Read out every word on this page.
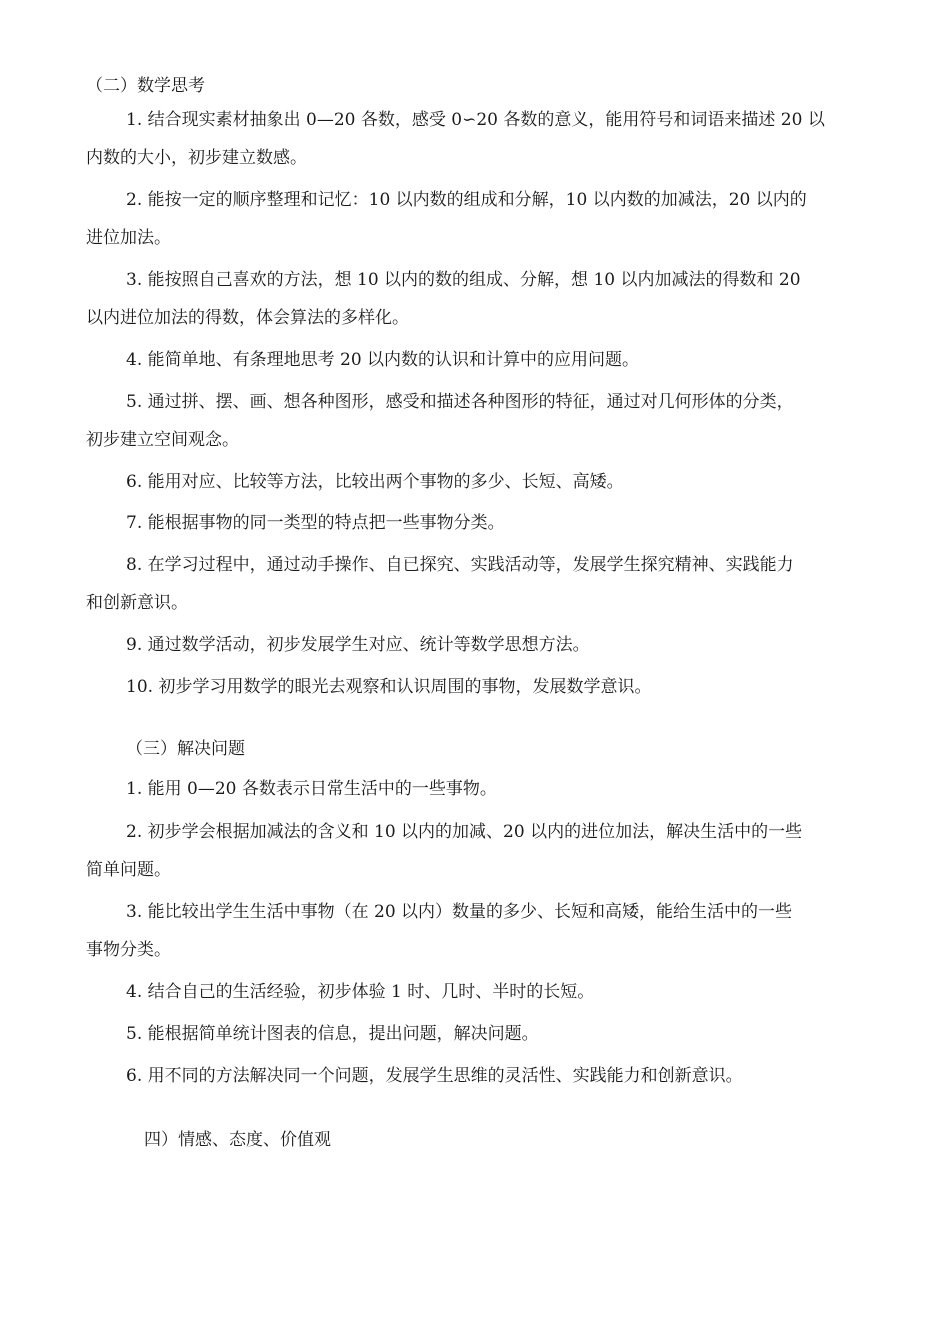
（二）数学思考
1. 结合现实素材抽象出 0—20 各数，感受 0∽20 各数的意义，能用符号和词语来描述 20 以
内数的大小，初步建立数感。
2. 能按一定的顺序整理和记忆：10 以内数的组成和分解，10 以内数的加减法，20 以内的
进位加法。
3. 能按照自己喜欢的方法，想 10 以内的数的组成、分解，想 10 以内加减法的得数和 20
以内进位加法的得数，体会算法的多样化。
4. 能简单地、有条理地思考 20 以内数的认识和计算中的应用问题。
5. 通过拼、摆、画、想各种图形，感受和描述各种图形的特征，通过对几何形体的分类，
初步建立空间观念。
6. 能用对应、比较等方法，比较出两个事物的多少、长短、高矮。
7. 能根据事物的同一类型的特点把一些事物分类。
8. 在学习过程中，通过动手操作、自已探究、实践活动等，发展学生探究精神、实践能力
和创新意识。
9. 通过数学活动，初步发展学生对应、统计等数学思想方法。
10. 初步学习用数学的眼光去观察和认识周围的事物，发展数学意识。
（三）解决问题
1. 能用 0—20 各数表示日常生活中的一些事物。
2. 初步学会根据加减法的含义和 10 以内的加减、20 以内的进位加法，解决生活中的一些
简单问题。
3. 能比较出学生生活中事物（在 20 以内）数量的多少、长短和高矮，能给生活中的一些
事物分类。
4. 结合自己的生活经验，初步体验 1 时、几时、半时的长短。
5. 能根据简单统计图表的信息，提出问题，解决问题。
6. 用不同的方法解决同一个问题，发展学生思维的灵活性、实践能力和创新意识。
四）情感、态度、价值观
